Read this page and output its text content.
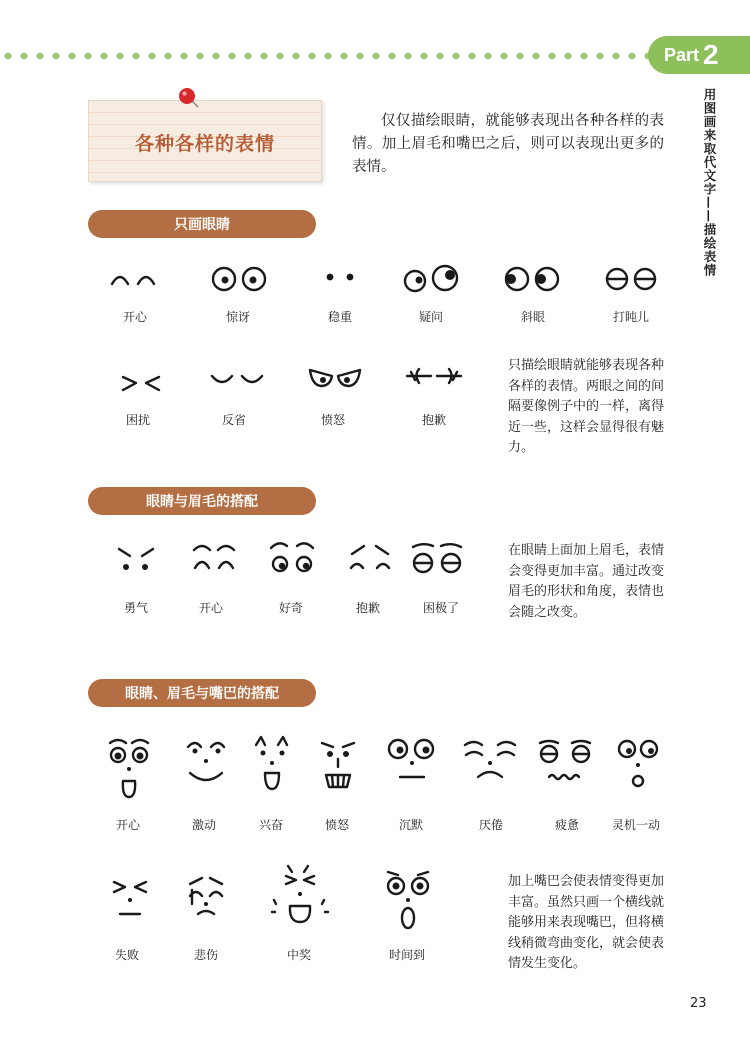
Part 2
用图画来取代文字——描绘表情
各种各样的表情
仅仅描绘眼睛，就能够表现出各种各样的表情。加上眉毛和嘴巴之后，则可以表现出更多的表情。
只画眼睛
开心	惊讶	稳重	疑问	斜眼	打盹儿
困扰	反省	愤怒	抱歉
只描绘眼睛就能够表现各种各样的表情。两眼之间的间隔要像例子中的一样，离得近一些，这样会显得很有魅力。
眼睛与眉毛的搭配
勇气	开心	好奇	抱歉	困极了
在眼睛上面加上眉毛，表情会变得更加丰富。通过改变眉毛的形状和角度，表情也会随之改变。
眼睛、眉毛与嘴巴的搭配
开心	激动	兴奋	愤怒	沉默	厌倦	疲惫	灵机一动
失败	悲伤	中奖	时间到
加上嘴巴会使表情变得更加丰富。虽然只画一个横线就能够用来表现嘴巴，但将横线稍微弯曲变化，就会使表情发生变化。
23
